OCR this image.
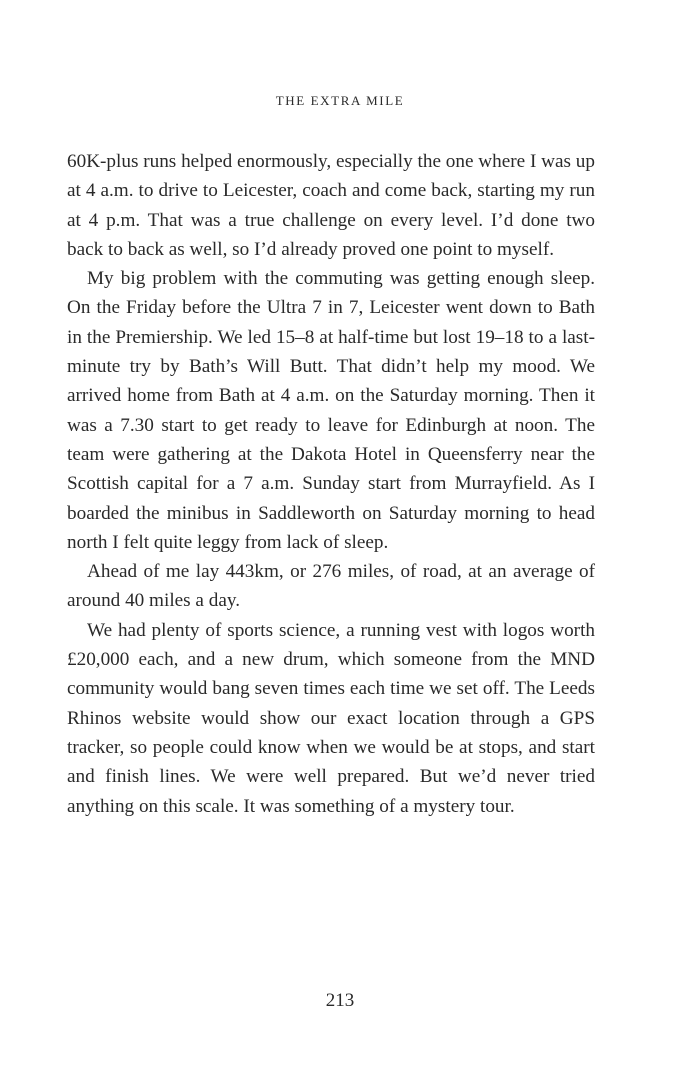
THE EXTRA MILE

60K-plus runs helped enormously, especially the one where I was up at 4 a.m. to drive to Leicester, coach and come back, starting my run at 4 p.m. That was a true challenge on every level. I’d done two back to back as well, so I’d already proved one point to myself.

My big problem with the commuting was getting enough sleep. On the Friday before the Ultra 7 in 7, Leicester went down to Bath in the Premiership. We led 15–8 at half-time but lost 19–18 to a last-minute try by Bath’s Will Butt. That didn’t help my mood. We arrived home from Bath at 4 a.m. on the Saturday morning. Then it was a 7.30 start to get ready to leave for Edinburgh at noon. The team were gathering at the Dakota Hotel in Queensferry near the Scottish capital for a 7 a.m. Sunday start from Murrayfield. As I boarded the minibus in Saddleworth on Saturday morning to head north I felt quite leggy from lack of sleep.

Ahead of me lay 443km, or 276 miles, of road, at an average of around 40 miles a day.

We had plenty of sports science, a running vest with logos worth £20,000 each, and a new drum, which someone from the MND community would bang seven times each time we set off. The Leeds Rhinos website would show our exact location through a GPS tracker, so people could know when we would be at stops, and start and finish lines. We were well prepared. But we’d never tried anything on this scale. It was something of a mystery tour.

213
